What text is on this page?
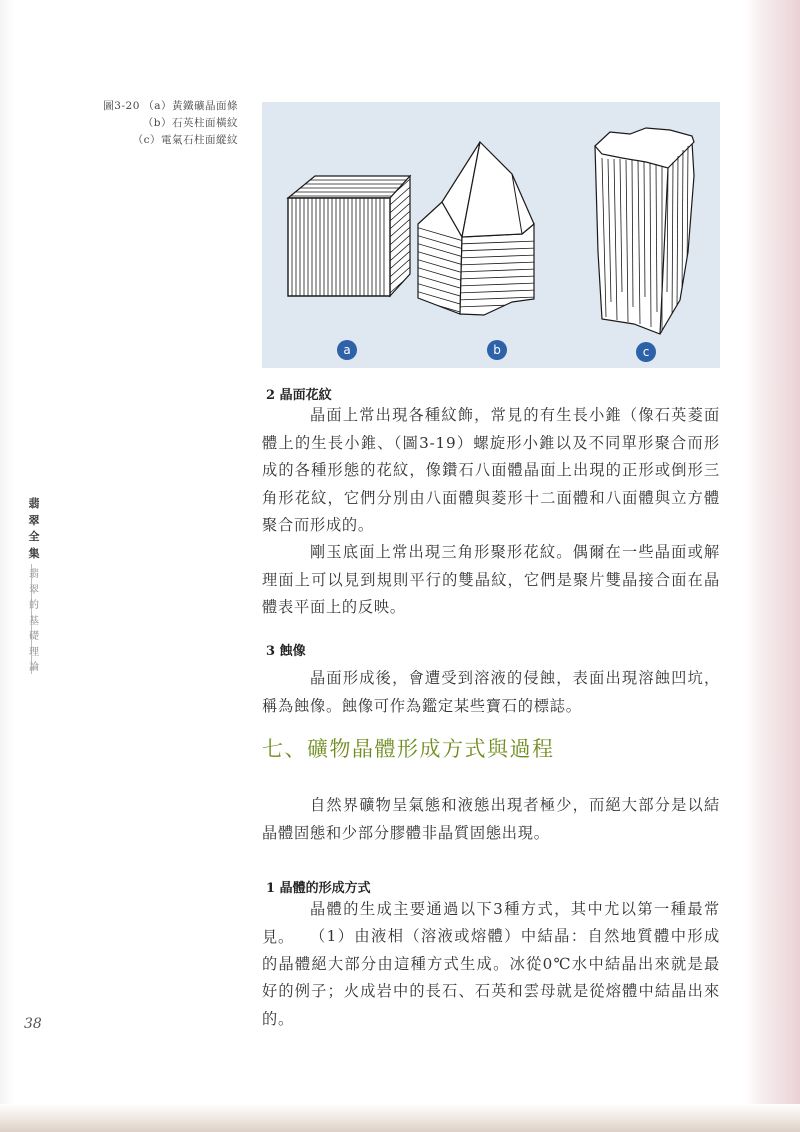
圖3-20 （a）黃鐵礦晶面條
（b）石英柱面橫紋
（c）電氣石柱面縱紋
a	b	c
翡
翠
全
集
翡
翠
的
基
礎
理
論
2 晶面花紋

晶面上常出現各種紋飾，常見的有生長小錐（像石英菱面體上的生長小錐、（圖3-19）螺旋形小錐以及不同單形聚合而形成的各種形態的花紋，像鑽石八面體晶面上出現的正形或倒形三角形花紋，它們分別由八面體與菱形十二面體和八面體與立方體聚合而形成的。

剛玉底面上常出現三角形聚形花紋。偶爾在一些晶面或解理面上可以見到規則平行的雙晶紋，它們是聚片雙晶接合面在晶體表平面上的反映。

3 蝕像

晶面形成後，會遭受到溶液的侵蝕，表面出現溶蝕凹坑，稱為蝕像。蝕像可作為鑑定某些寶石的標誌。

七、礦物晶體形成方式與過程

自然界礦物呈氣態和液態出現者極少，而絕大部分是以結晶體固態和少部分膠體非晶質固態出現。

1 晶體的形成方式

晶體的生成主要通過以下3種方式，其中尤以第一種最常見。	（1）由液相（溶液或熔體）中結晶：自然地質體中形成的晶體絕大部分由這種方式生成。冰從0℃水中結晶出來就是最好的例子；火成岩中的長石、石英和雲母就是從熔體中結晶出來的。

38
